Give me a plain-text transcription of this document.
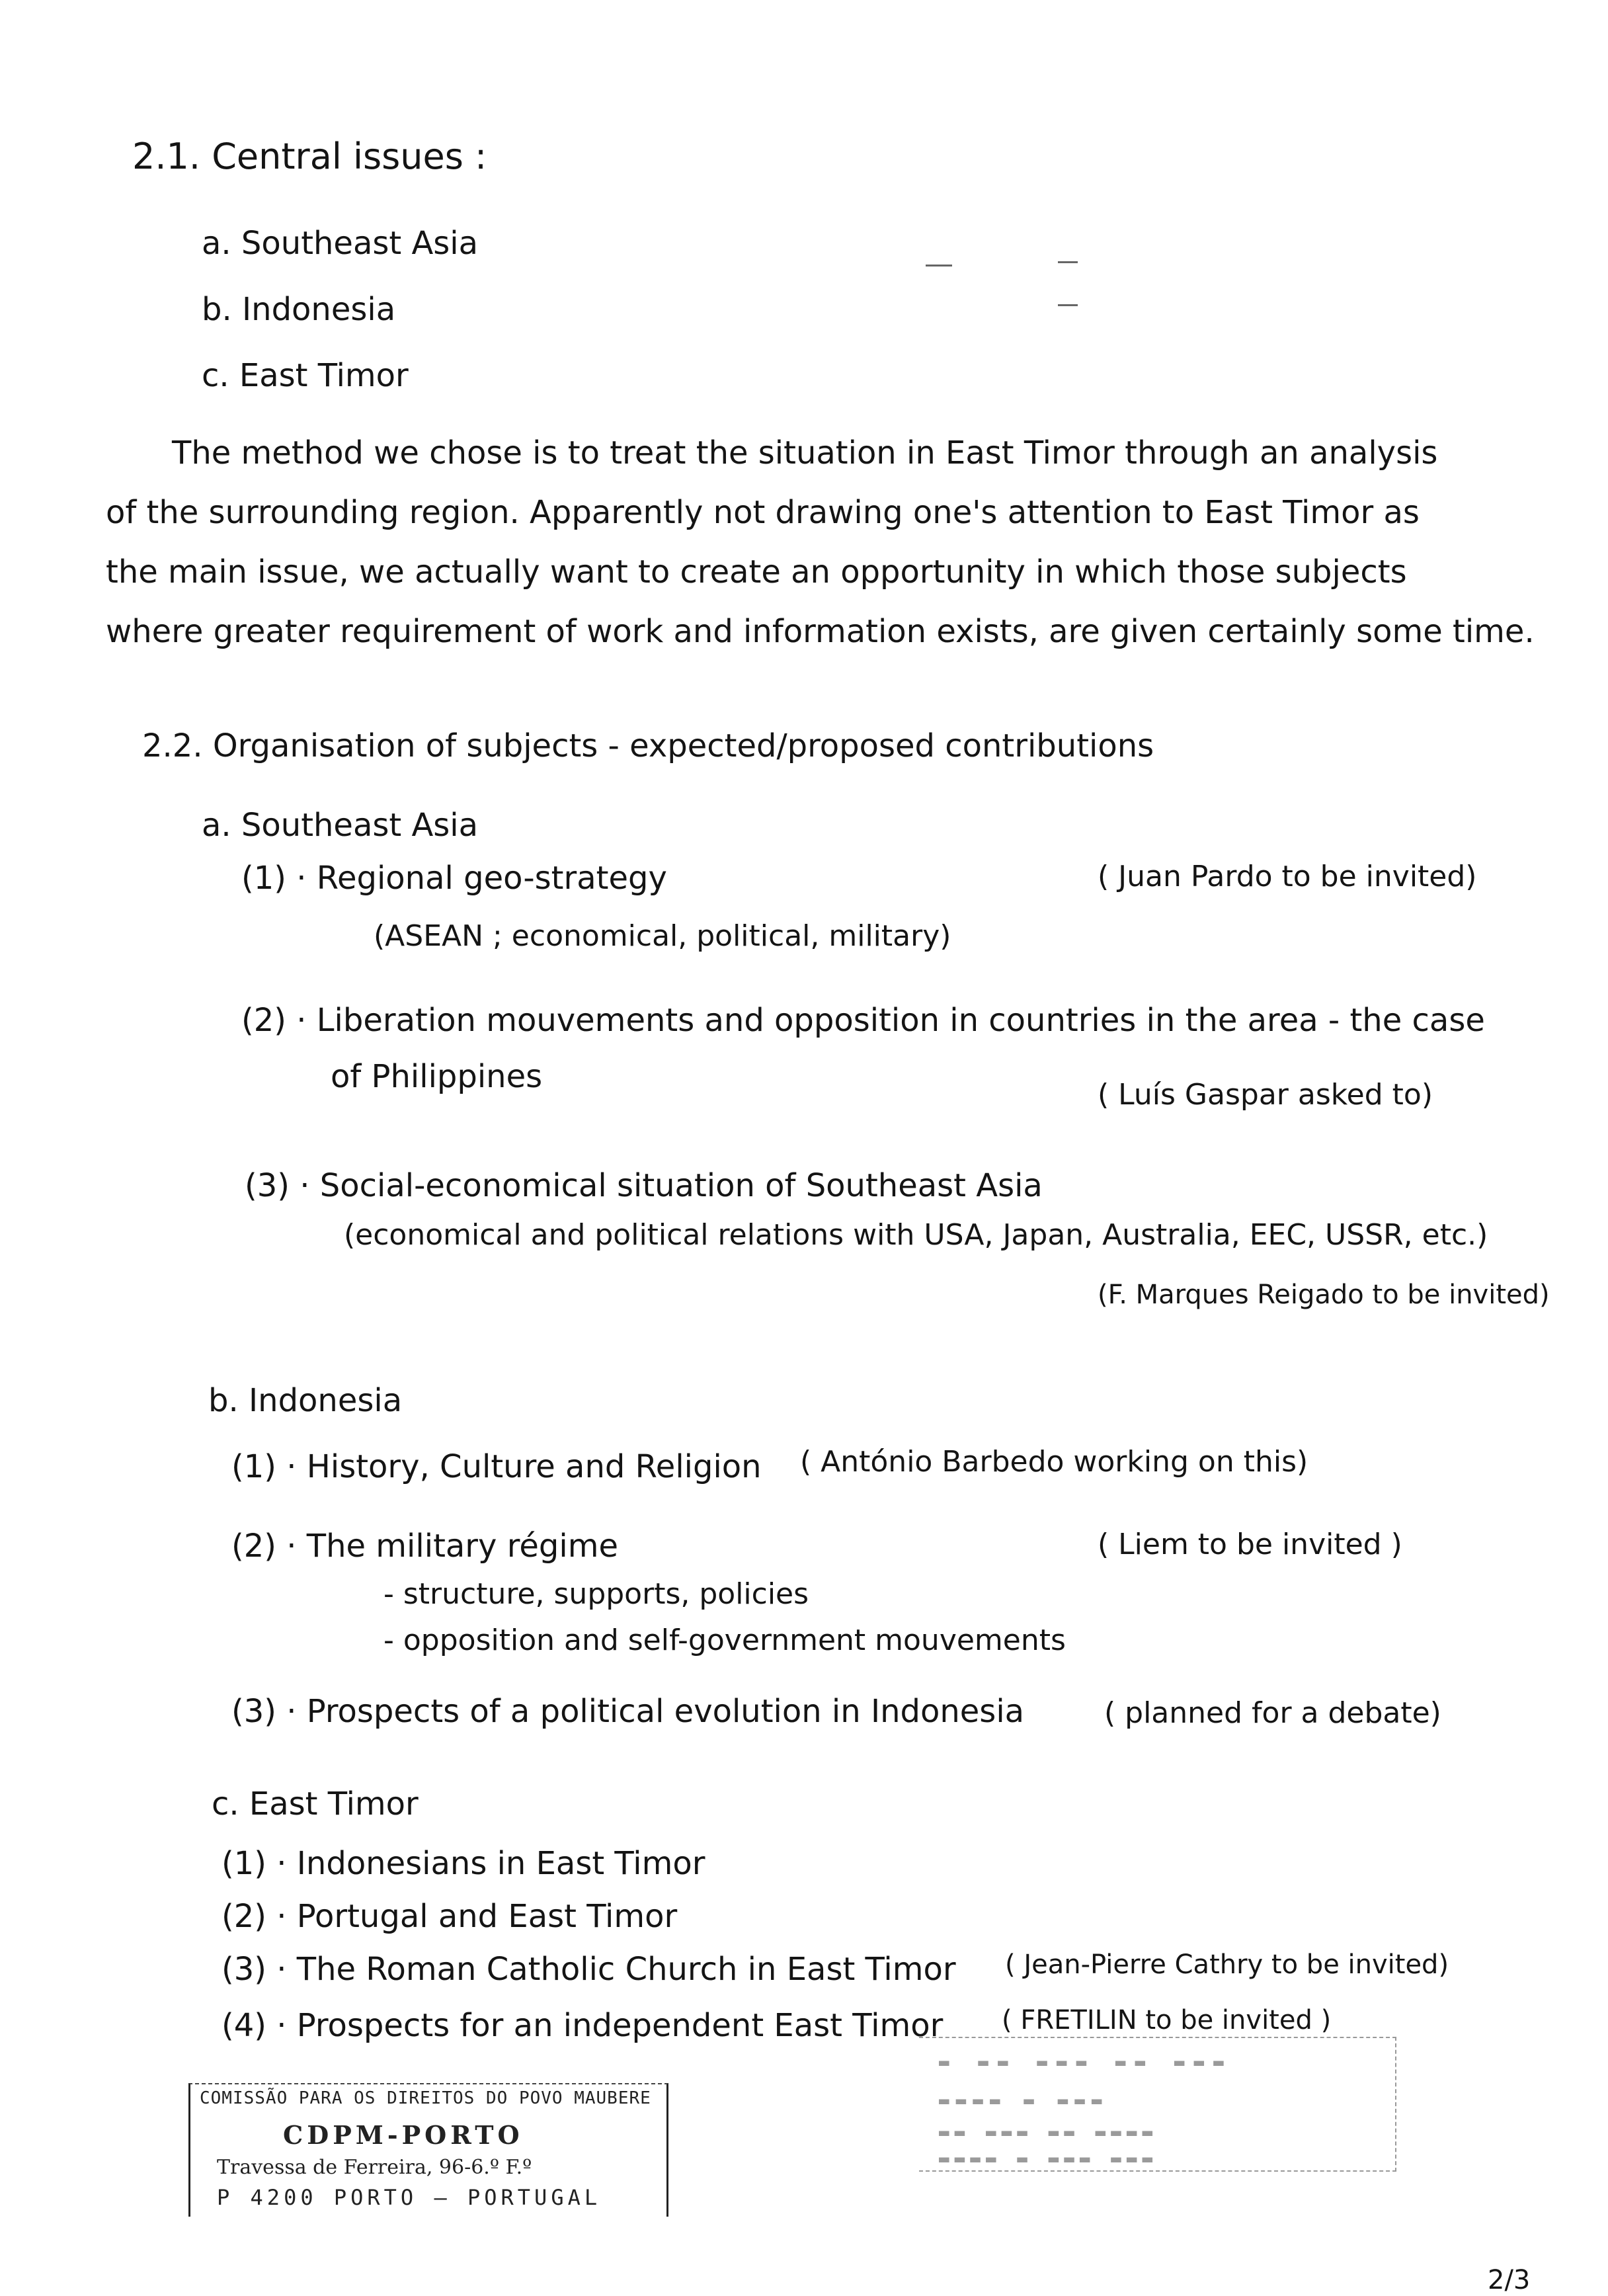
2.1. Central issues :
a. Southeast Asia
b. Indonesia
c. East Timor
The method we chose is to treat the situation in East Timor through an analysis
of the surrounding region. Apparently not drawing one's attention to East Timor as
the main issue, we actually want to create an opportunity in which those subjects
where greater requirement of work and information exists, are given certainly some time.
2.2. Organisation of subjects - expected/proposed contributions
a. Southeast Asia
(1) · Regional geo-strategy	( Juan Pardo to be invited)
(ASEAN ; economical, political, military)
(2) · Liberation mouvements and opposition in countries in the area - the case
of Philippines	( Luís Gaspar asked to)
(3) · Social-economical situation of Southeast Asia
(economical and political relations with USA, Japan, Australia, EEC, USSR, etc.)
(F. Marques Reigado to be invited)
b. Indonesia
(1) · History, Culture and Religion ( António Barbedo working on this)
(2) · The military régime	( Liem to be invited )
- structure, supports, policies
- opposition and self-government mouvements
(3) · Prospects of a political evolution in Indonesia	( planned for a debate)
c. East Timor
(1) · Indonesians in East Timor
(2) · Portugal and East Timor
(3) · The Roman Catholic Church in East Timor ( Jean-Pierre Cathry to be invited)
(4) · Prospects for an independent East Timor ( FRETILIN to be invited )
▬ ▬▬ ▬▬▬ ▬▬ ▬▬▬
▬▬▬▬ ▬ ▬▬▬
▬▬ ▬▬▬ ▬▬ ▬▬▬▬
▬▬▬▬ ▬ ▬▬▬ ▬▬▬
COMISSÃO PARA OS DIREITOS DO POVO MAUBERE
CDPM-PORTO
Travessa de Ferreira, 96-6.º F.º
P 4200 PORTO — PORTUGAL
2/3
